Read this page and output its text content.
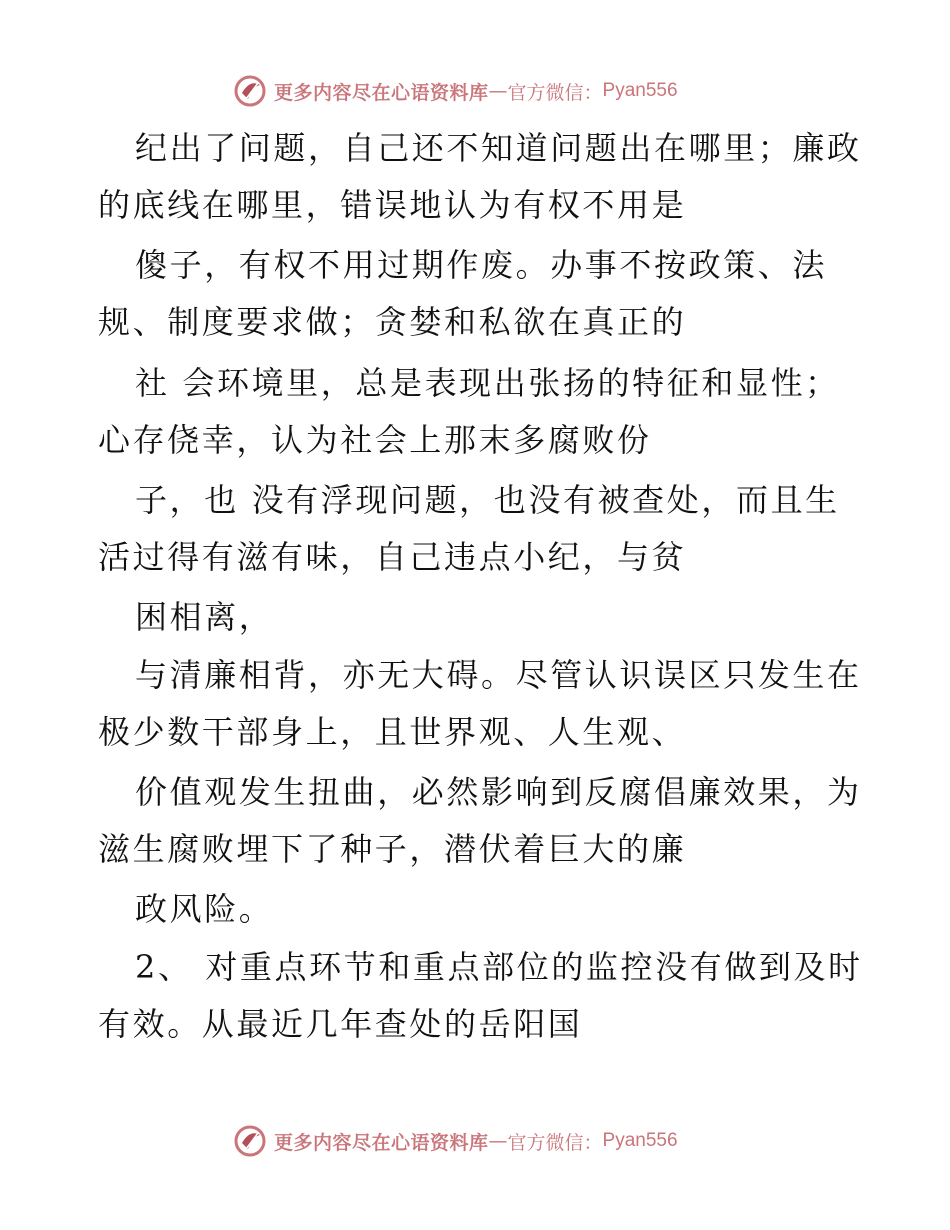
更多内容尽在心语资料库 — 官方微信： Pyan556
纪出了问题，自己还不知道问题出在哪里；廉政
的底线在哪里，错误地认为有权不用是
傻子，有权不用过期作废。办事不按政策、法
规、制度要求做；贪婪和私欲在真正的
社 会环境里，总是表现出张扬的特征和显性；
心存侥幸，认为社会上那末多腐败份
子，也 没有浮现问题，也没有被查处，而且生
活过得有滋有味，自己违点小纪，与贫
困相离，
与清廉相背，亦无大碍。尽管认识误区只发生在
极少数干部身上，且世界观、人生观、
价值观发生扭曲，必然影响到反腐倡廉效果，为
滋生腐败埋下了种子，潜伏着巨大的廉
政风险。
2、 对重点环节和重点部位的监控没有做到及时
有效。从最近几年查处的岳阳国
更多内容尽在心语资料库 — 官方微信： Pyan556
